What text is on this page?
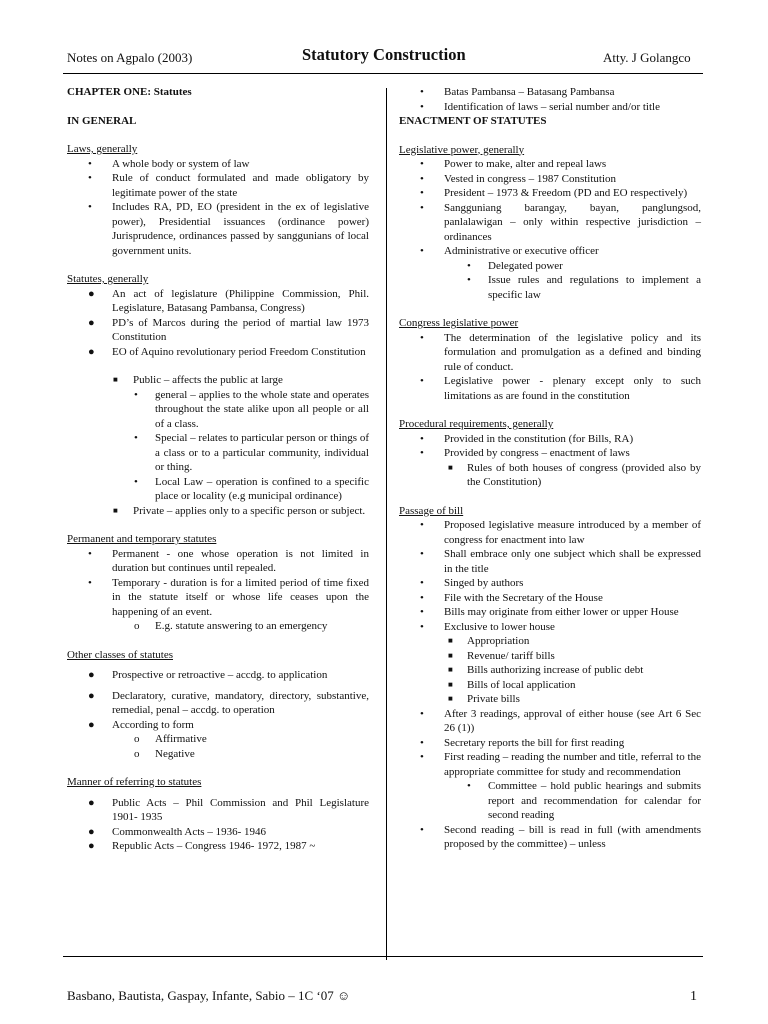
Notes on Agpalo (2003)	Statutory Construction	Atty. J Golangco

CHAPTER ONE: Statutes

IN GENERAL

Laws, generally

• A whole body or system of law
• Rule of conduct formulated and made obligatory by legitimate power of the state
• Includes RA, PD, EO (president in the ex of legislative power), Presidential issuances (ordinance power) Jurisprudence, ordinances passed by sanggunians of local government units.

Statutes, generally

● An act of legislature (Philippine Commission, Phil. Legislature, Batasang Pambansa, Congress)
● PD’s of Marcos during the period of martial law 1973 Constitution
● EO of Aquino revolutionary period Freedom Constitution
■ Public – affects the public at large
• general – applies to the whole state and operates throughout the state alike upon all people or all of a class.
• Special – relates to particular person or things of a class or to a particular community, individual or thing.
• Local Law – operation is confined to a specific place or locality (e.g municipal ordinance)
■ Private – applies only to a specific person or subject.

Permanent and temporary statutes

• Permanent - one whose operation is not limited in duration but continues until repealed.
• Temporary - duration is for a limited period of time fixed in the statute itself or whose life ceases upon the happening of an event.
o E.g. statute answering to an emergency

Other classes of statutes

● Prospective or retroactive – accdg. to application
● Declaratory, curative, mandatory, directory, substantive, remedial, penal – accdg. to operation
● According to form
o Affirmative
o Negative

Manner of referring to statutes

● Public Acts – Phil Commission and Phil Legislature 1901- 1935
● Commonwealth Acts – 1936- 1946
● Republic Acts – Congress 1946- 1972, 1987 ~
• Batas Pambansa – Batasang Pambansa
• Identification of laws – serial number and/or title

ENACTMENT OF STATUTES

Legislative power, generally

• Power to make, alter and repeal laws
• Vested in congress – 1987 Constitution
• President – 1973 & Freedom (PD and EO respectively)
• Sangguniang barangay, bayan, panglungsod, panlalawigan – only within respective jurisdiction – ordinances
• Administrative or executive officer
• Delegated power
• Issue rules and regulations to implement a specific law

Congress legislative power

• The determination of the legislative policy and its formulation and promulgation as a defined and binding rule of conduct.
• Legislative power - plenary except only to such limitations as are found in the constitution

Procedural requirements, generally

• Provided in the constitution (for Bills, RA)
• Provided by congress – enactment of laws
■ Rules of both houses of congress (provided also by the Constitution)

Passage of bill

• Proposed legislative measure introduced by a member of congress for enactment into law
• Shall embrace only one subject which shall be expressed in the title
• Singed by authors
• File with the Secretary of the House
• Bills may originate from either lower or upper House
• Exclusive to lower house
■ Appropriation
■ Revenue/ tariff bills
■ Bills authorizing increase of public debt
■ Bills of local application
■ Private bills
• After 3 readings, approval of either house (see Art 6 Sec 26 (1))
• Secretary reports the bill for first reading
• First reading – reading the number and title, referral to the appropriate committee for study and recommendation
• Committee – hold public hearings and submits report and recommendation for calendar for second reading
• Second reading – bill is read in full (with amendments proposed by the committee) – unless
Basbano, Bautista, Gaspay, Infante, Sabio – 1C ‘07 ☺	1
